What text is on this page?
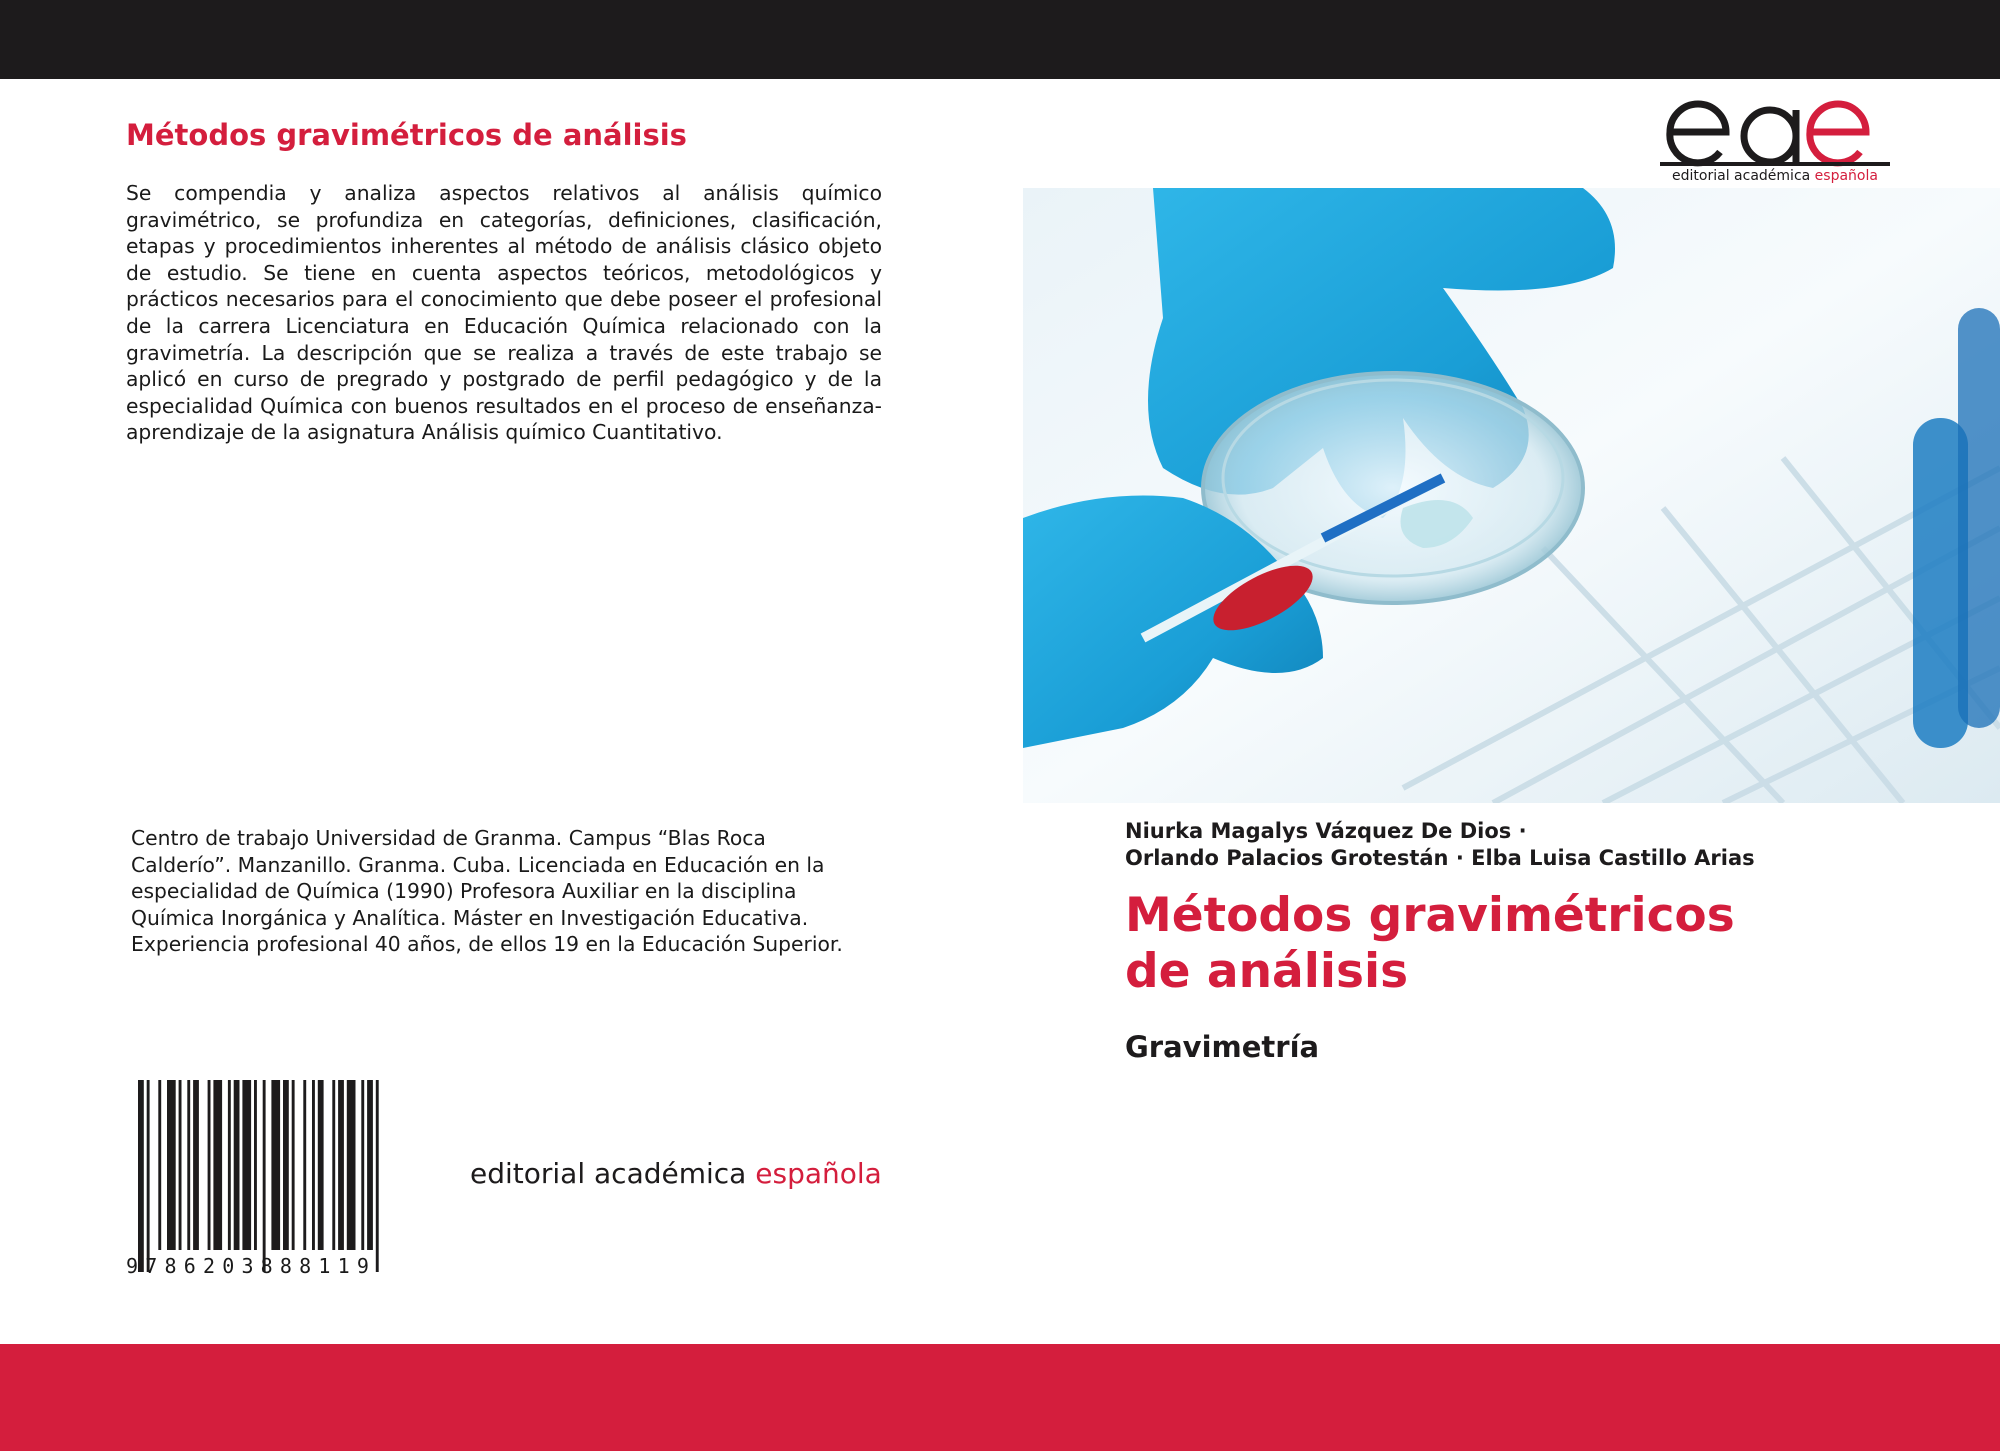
Métodos gravimétricos de análisis

Se compendia y analiza aspectos relativos al análisis químico gravimétrico, se profundiza en categorías, definiciones, clasificación, etapas y procedimientos inherentes al método de análisis clásico objeto de estudio. Se tiene en cuenta aspectos teóricos, metodológicos y prácticos necesarios para el conocimiento que debe poseer el profesional de la carrera Licenciatura en Educación Química relacionado con la gravimetría. La descripción que se realiza a través de este trabajo se aplicó en curso de pregrado y postgrado de perfil pedagógico y de la especialidad Química con buenos resultados en el proceso de enseñanza-aprendizaje de la asignatura Análisis químico Cuantitativo.

Centro de trabajo Universidad de Granma. Campus “Blas Roca
Calderío”. Manzanillo. Granma. Cuba. Licenciada en Educación en la
especialidad de Química (1990) Profesora Auxiliar en la disciplina
Química Inorgánica y Analítica. Máster en Investigación Educativa.
Experiencia profesional 40 años, de ellos 19 en la Educación Superior.
9786203888119
editorial académica española
editorial académica española
Niurka Magalys Vázquez De Dios ·
Orlando Palacios Grotestán · Elba Luisa Castillo Arias
Métodos gravimétricos
de análisis
Gravimetría
